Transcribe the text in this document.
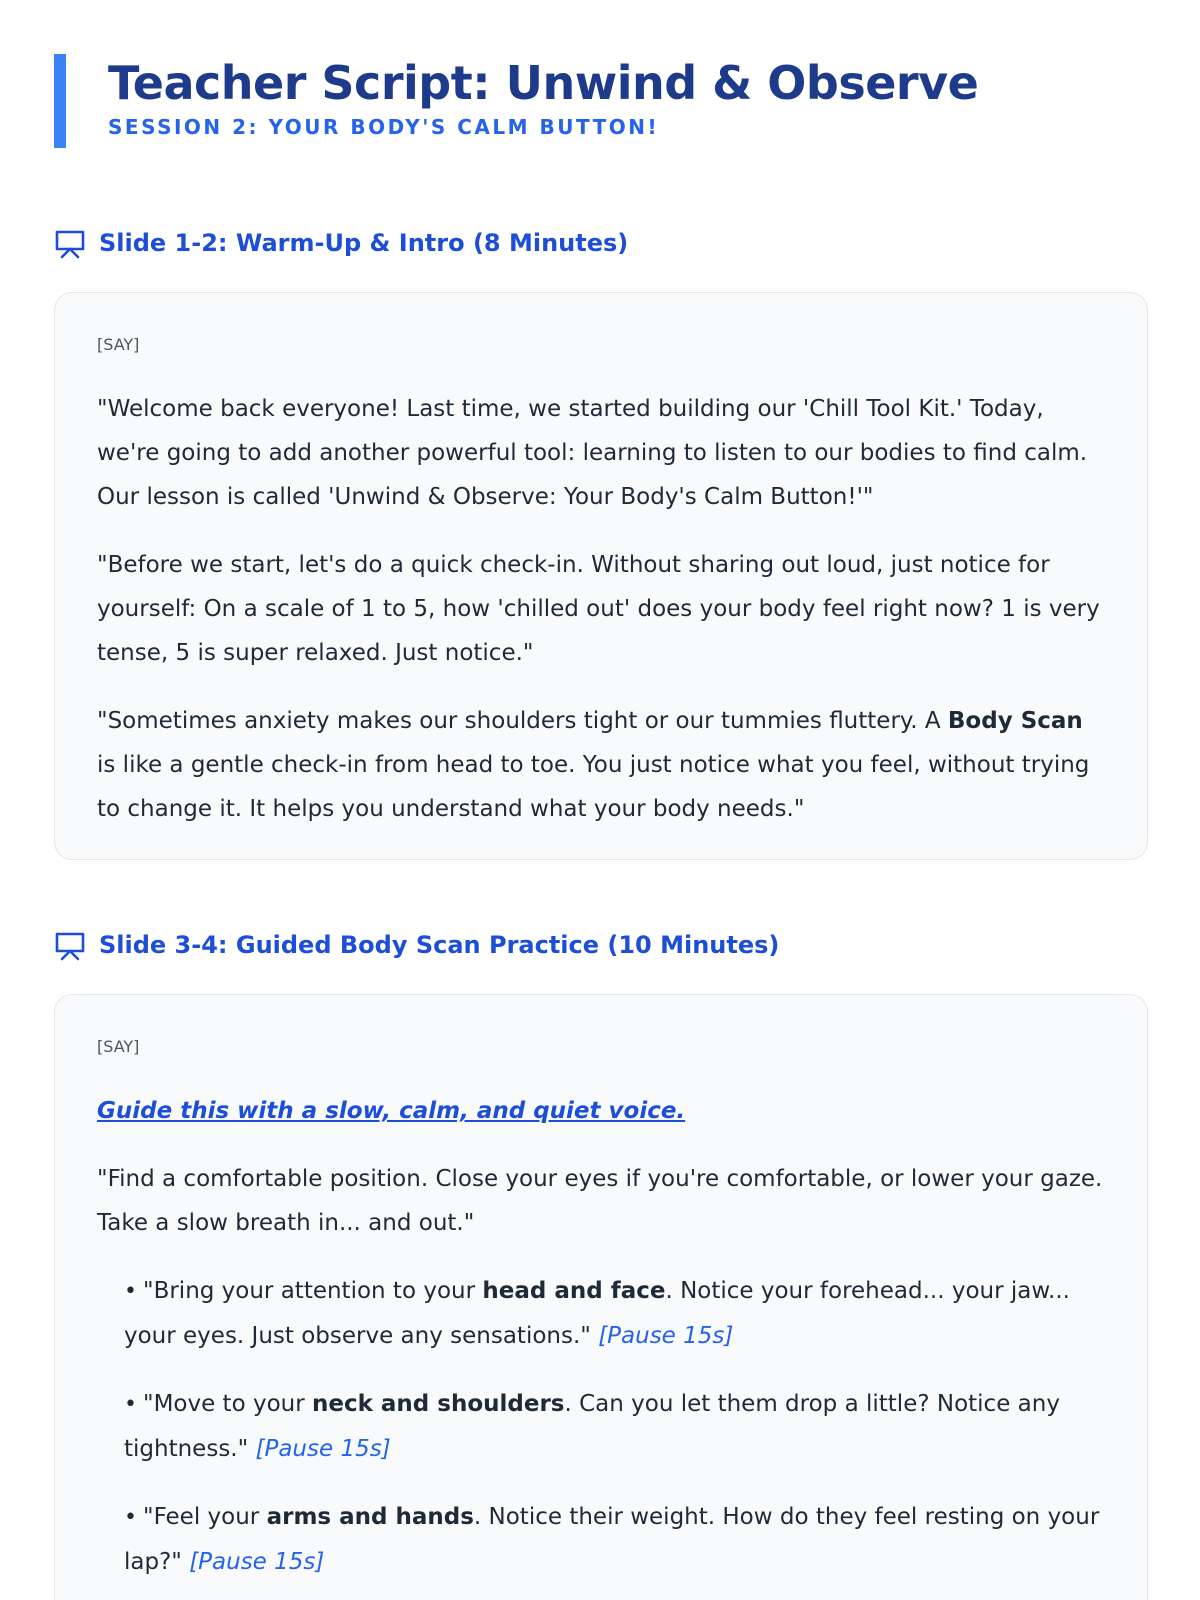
Teacher Script: Unwind & Observe
SESSION 2: YOUR BODY'S CALM BUTTON!
Slide 1-2: Warm-Up & Intro (8 Minutes)
[SAY]

"Welcome back everyone! Last time, we started building our 'Chill Tool Kit.' Today, we're going to add another powerful tool: learning to listen to our bodies to find calm. Our lesson is called 'Unwind & Observe: Your Body's Calm Button!'"

"Before we start, let's do a quick check-in. Without sharing out loud, just notice for yourself: On a scale of 1 to 5, how 'chilled out' does your body feel right now? 1 is very tense, 5 is super relaxed. Just notice."

"Sometimes anxiety makes our shoulders tight or our tummies fluttery. A Body Scan is like a gentle check-in from head to toe. You just notice what you feel, without trying to change it. It helps you understand what your body needs."

Slide 3-4: Guided Body Scan Practice (10 Minutes)
[SAY]
Guide this with a slow, calm, and quiet voice.

"Find a comfortable position. Close your eyes if you're comfortable, or lower your gaze. Take a slow breath in... and out."

• "Bring your attention to your head and face. Notice your forehead... your jaw... your eyes. Just observe any sensations." [Pause 15s]

• "Move to your neck and shoulders. Can you let them drop a little? Notice any tightness." [Pause 15s]

• "Feel your arms and hands. Notice their weight. How do they feel resting on your lap?" [Pause 15s]
